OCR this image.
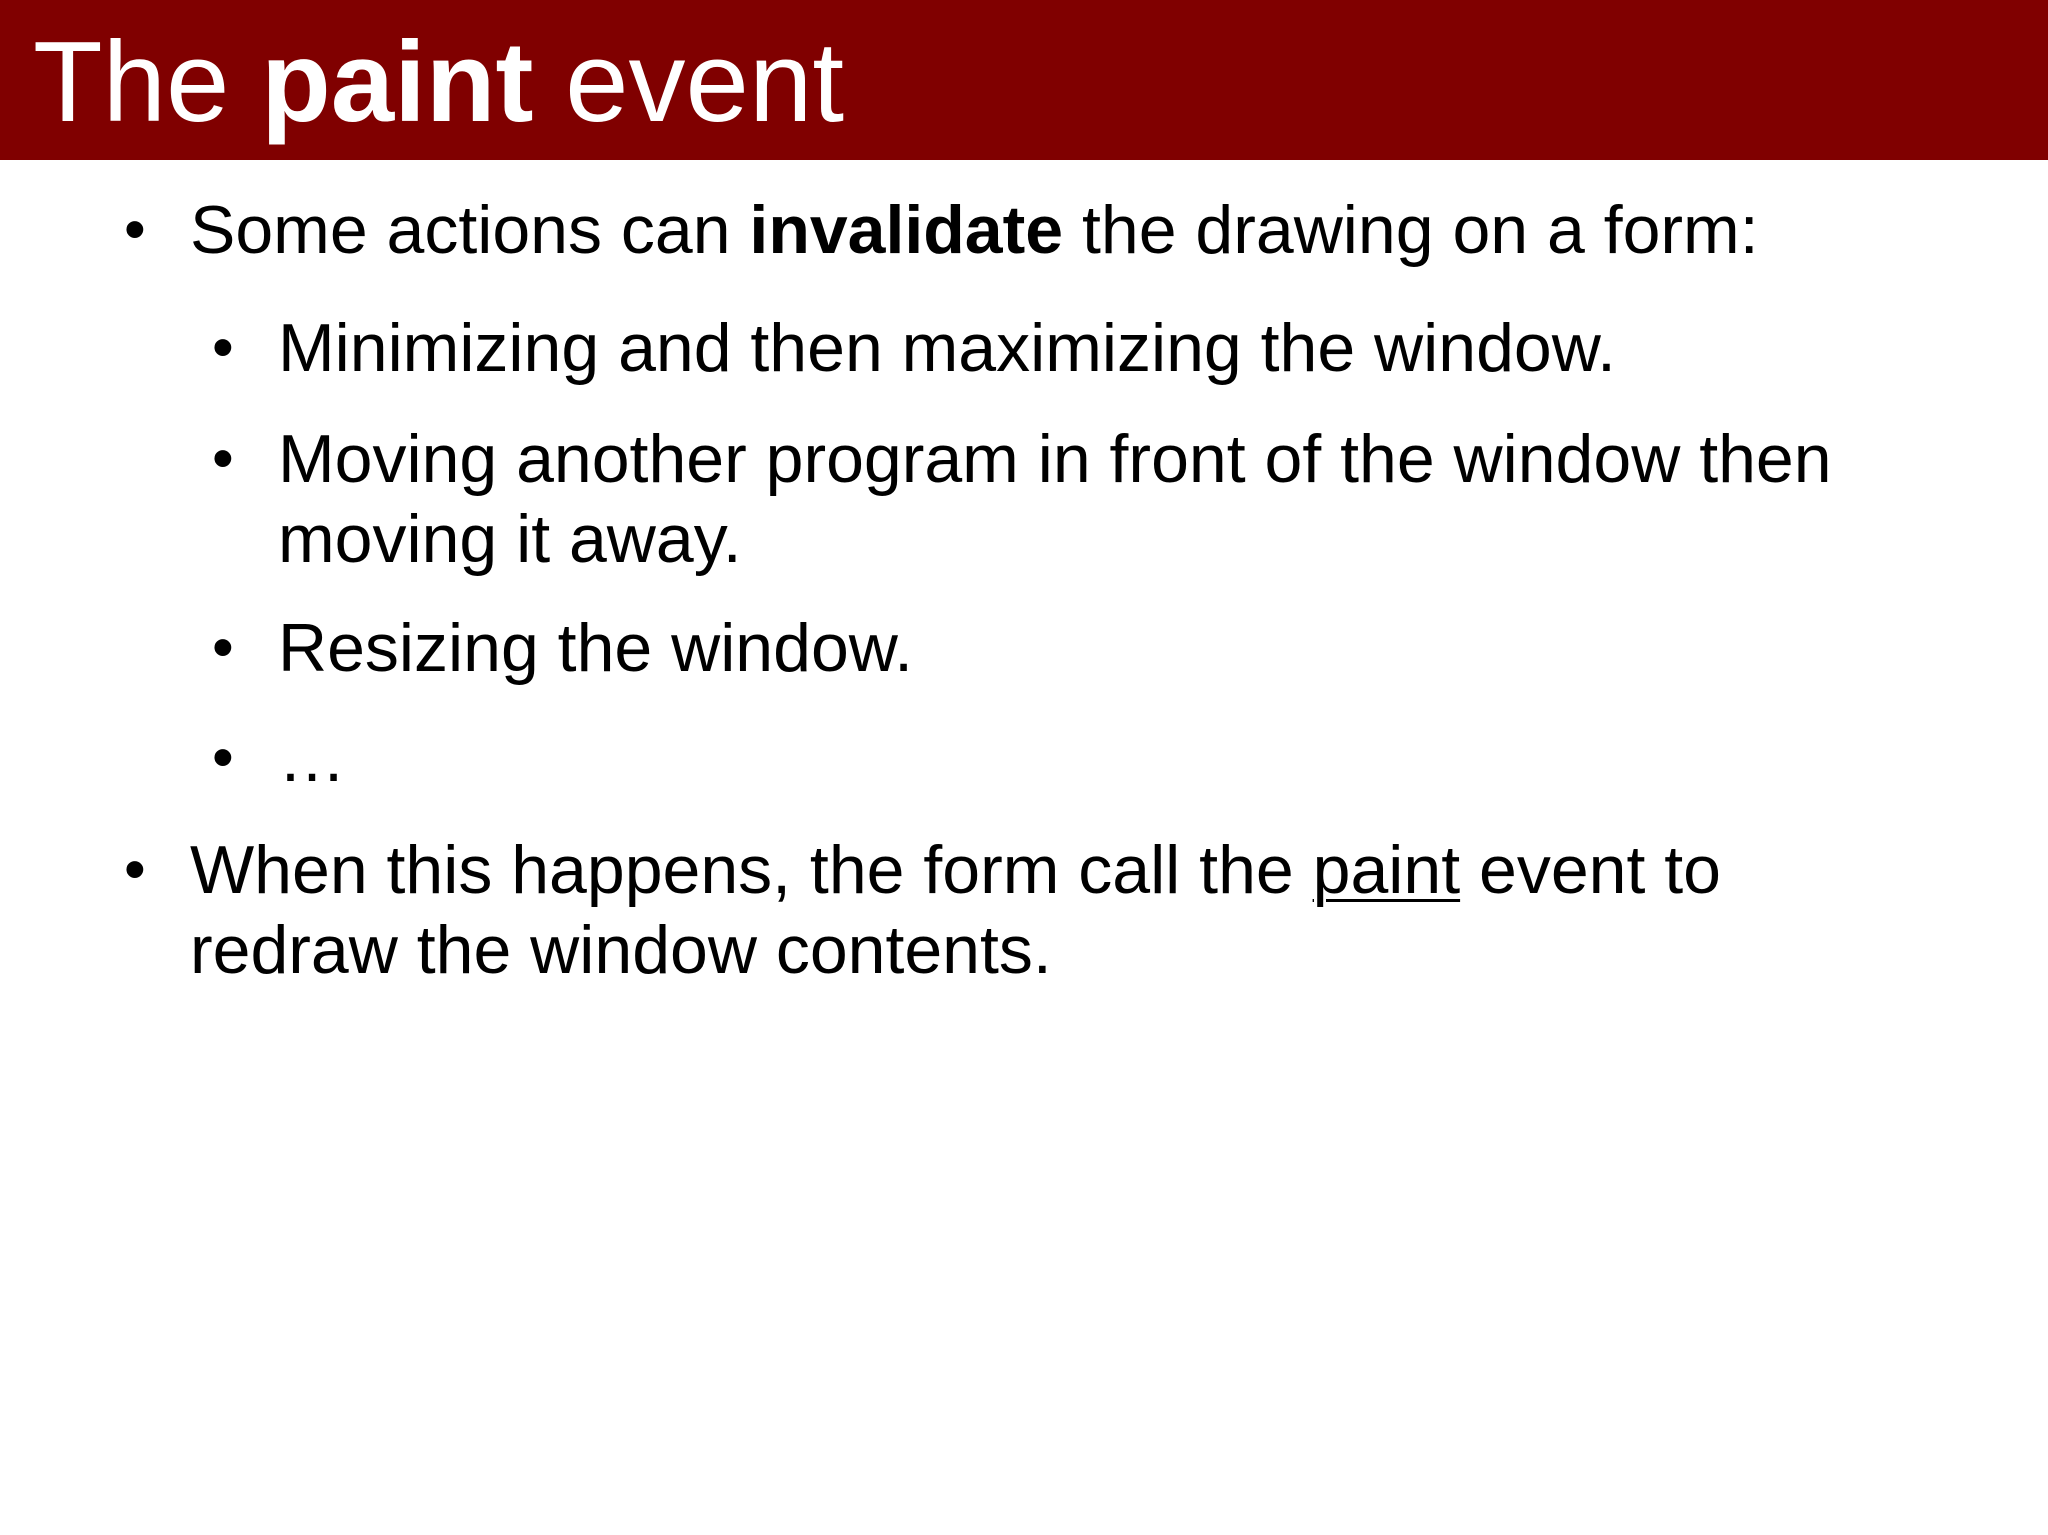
The paint event
• Some actions can invalidate the drawing on a form:
• Minimizing and then maximizing the window.
• Moving another program in front of the window then
moving it away.
• Resizing the window.
• …
• When this happens, the form call the paint event to
redraw the window contents.
